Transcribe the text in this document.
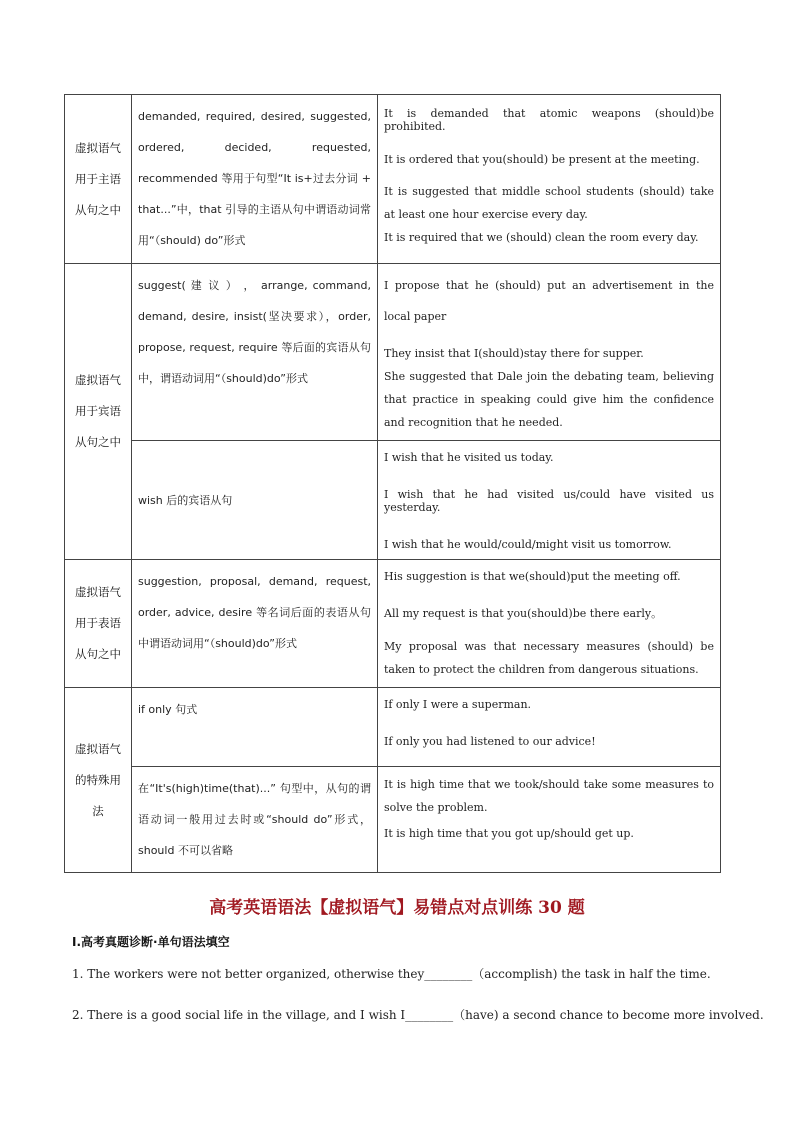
虚拟语气用于主语从句之中	demanded, required, desired, suggested, ordered, decided, requested, recommended 等用于句型“It is+过去分词 + that...”中，that 引导的主语从句中谓语动词常用“（should) do”形式	It is demanded that atomic weapons (should)be prohibited.

It is ordered that you(should) be present at the meeting.

It is suggested that middle school students (should) take at least one hour exercise every day.

It is required that we (should) clean the room every day.

虚拟语气用于宾语从句之中	suggest( 建 议 ） ， arrange, command, demand, desire, insist(坚决要求），order, propose, request, require 等后面的宾语从句中，谓语动词用“（should)do”形式	I propose that he (should) put an advertisement in the local paper

They insist that I(should)stay there for supper.

She suggested that Dale join the debating team, believing that practice in speaking could give him the confidence and recognition that he needed.

	wish 后的宾语从句	I wish that he visited us today.

I wish that he had visited us/could have visited us yesterday.

I wish that he would/could/might visit us tomorrow.

虚拟语气用于表语从句之中	suggestion, proposal, demand, request, order, advice, desire 等名词后面的表语从句中谓语动词用“（should)do”形式	His suggestion is that we(should)put the meeting off.

All my request is that you(should)be there early。

My proposal was that necessary measures (should) be taken to protect the children from dangerous situations.

虚拟语气的特殊用法	if only 句式	If only I were a superman.

If only you had listened to our advice!

	在“It's(high)time(that)...” 句型中，从句的谓语动词一般用过去时或“should do”形式，should 不可以省略	It is high time that we took/should take some measures to solve the problem.

It is high time that you got up/should get up.

高考英语语法【虚拟语气】易错点对点训练 30 题
I.高考真题诊断·单句语法填空
1. The workers were not better organized, otherwise they________（accomplish) the task in half the time.
2. There is a good social life in the village, and I wish I________（have) a second chance to become more involved.
